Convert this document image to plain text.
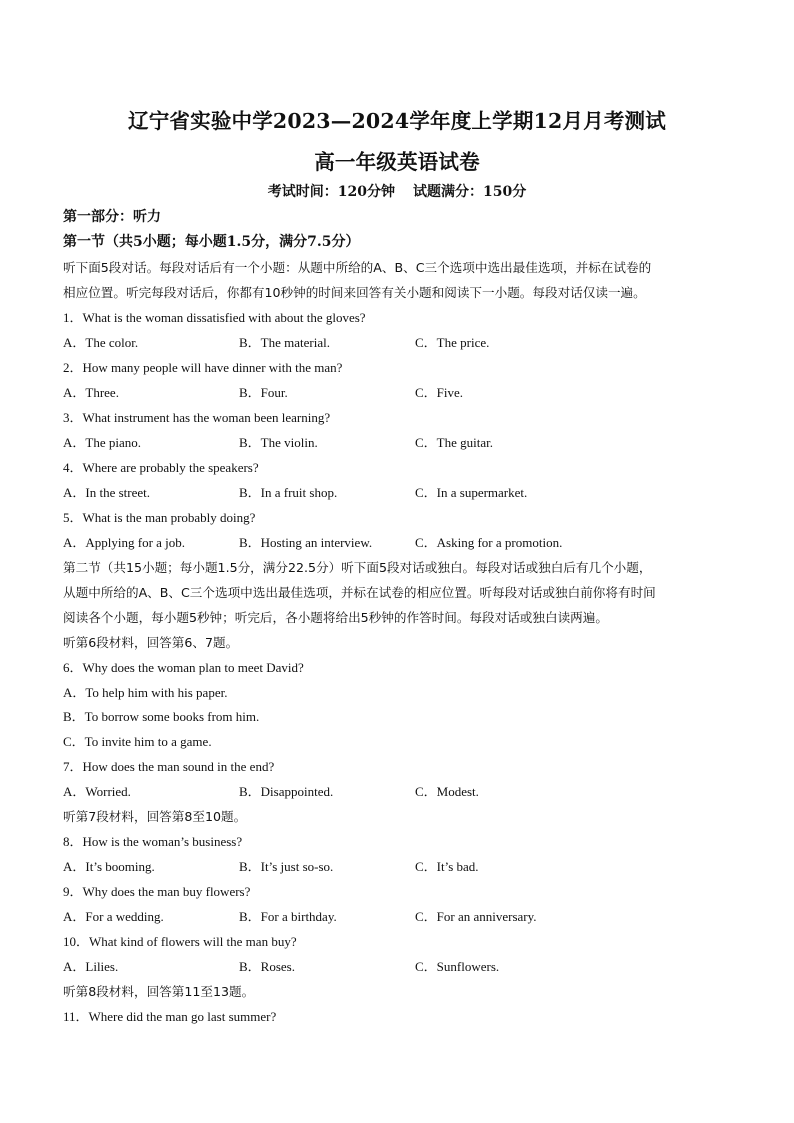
辽宁省实验中学2023—2024学年度上学期12月月考测试
高一年级英语试卷
考试时间：120分钟 试题满分：150分
第一部分：听力
第一节（共5小题；每小题1.5分，满分7.5分）
听下面5段对话。每段对话后有一个小题：从题中所给的A、B、C三个选项中选出最佳选项，并标在试卷的
相应位置。听完每段对话后，你都有10秒钟的时间来回答有关小题和阅读下一小题。每段对话仅读一遍。
1．What is the woman dissatisfied with about the gloves?
A．The color.	B．The material.	C．The price.
2．How many people will have dinner with the man?
A．Three.	B．Four.	C．Five.
3．What instrument has the woman been learning?
A．The piano.	B．The violin.	C．The guitar.
4．Where are probably the speakers?
A．In the street.	B．In a fruit shop.	C．In a supermarket.
5．What is the man probably doing?
A．Applying for a job.	B．Hosting an interview.	C．Asking for a promotion.
第二节（共15小题；每小题1.5分，满分22.5分）听下面5段对话或独白。每段对话或独白后有几个小题，
从题中所给的A、B、C三个选项中选出最佳选项，并标在试卷的相应位置。听每段对话或独白前你将有时间
阅读各个小题，每小题5秒钟；听完后，各小题将给出5秒钟的作答时间。每段对话或独白读两遍。
听第6段材料，回答第6、7题。
6．Why does the woman plan to meet David?
A．To help him with his paper.
B．To borrow some books from him.
C．To invite him to a game.
7．How does the man sound in the end?
A．Worried.	B．Disappointed.	C．Modest.
听第7段材料，回答第8至10题。
8．How is the woman’s business?
A．It’s booming.	B．It’s just so-so.	C．It’s bad.
9．Why does the man buy flowers?
A．For a wedding.	B．For a birthday.	C．For an anniversary.
10．What kind of flowers will the man buy?
A．Lilies.	B．Roses.	C．Sunflowers.
听第8段材料，回答第11至13题。
11．Where did the man go last summer?
